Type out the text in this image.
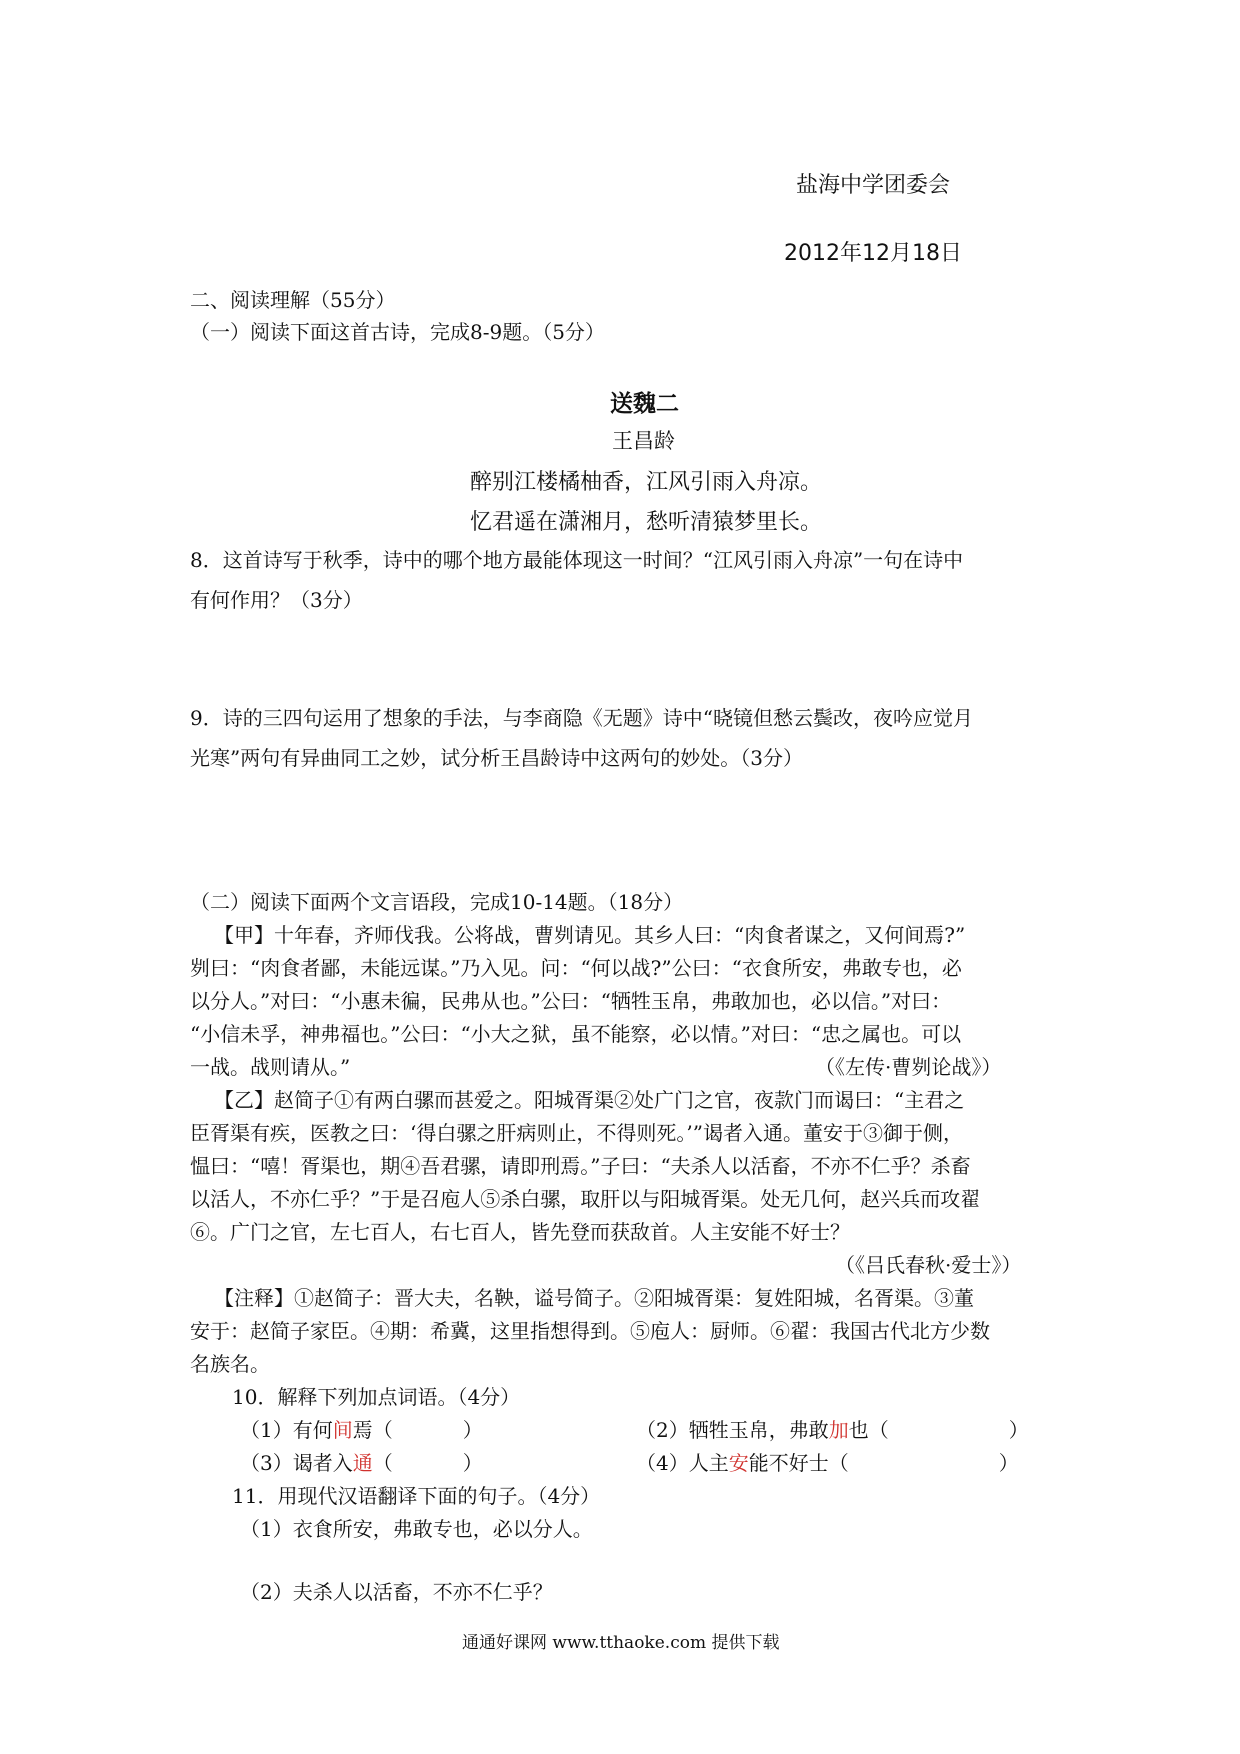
盐海中学团委会
2012年12月18日
二、阅读理解（55分）
（一）阅读下面这首古诗，完成8-9题。（5分）
送魏二
王昌龄
醉别江楼橘柚香，江风引雨入舟凉。
忆君遥在潇湘月，愁听清猿梦里长。
8．这首诗写于秋季，诗中的哪个地方最能体现这一时间？“江风引雨入舟凉”一句在诗中
有何作用？（3分）
9．诗的三四句运用了想象的手法，与李商隐《无题》诗中“晓镜但愁云鬓改，夜吟应觉月
光寒”两句有异曲同工之妙，试分析王昌龄诗中这两句的妙处。（3分）
（二）阅读下面两个文言语段，完成10-14题。（18分）
【甲】十年春，齐师伐我。公将战，曹刿请见。其乡人曰：“肉食者谋之，又何间焉?”
刿曰：“肉食者鄙，未能远谋。”乃入见。问：“何以战?”公曰：“衣食所安，弗敢专也，必
以分人。”对曰：“小惠未徧，民弗从也。”公曰：“牺牲玉帛，弗敢加也，必以信。”对曰：
“小信未孚，神弗福也。”公曰：“小大之狱，虽不能察，必以情。”对曰：“忠之属也。可以
一战。战则请从。”	（《左传·曹刿论战》）
【乙】赵简子①有两白骡而甚爱之。阳城胥渠②处广门之官，夜款门而谒曰：“主君之
臣胥渠有疾，医教之曰：‘得白骡之肝病则止，不得则死。’”谒者入通。董安于③御于侧，
愠曰：“嘻！胥渠也，期④吾君骡，请即刑焉。”子曰：“夫杀人以活畜，不亦不仁乎？杀畜
以活人，不亦仁乎？”于是召庖人⑤杀白骡，取肝以与阳城胥渠。处无几何，赵兴兵而攻翟
⑥。广门之官，左七百人，右七百人，皆先登而获敌首。人主安能不好士？
（《吕氏春秋·爱士》）
【注释】①赵简子：晋大夫，名鞅，谥号简子。②阳城胥渠：复姓阳城，名胥渠。③董
安于：赵简子家臣。④期：希冀，这里指想得到。⑤庖人：厨师。⑥翟：我国古代北方少数
名族名。
10．解释下列加点词语。（4分）
（1）有何间焉（	）	（2）牺牲玉帛，弗敢加也（	）
（3）谒者入通（	）	（4）人主安能不好士（	）
11．用现代汉语翻译下面的句子。（4分）
（1）衣食所安，弗敢专也，必以分人。
（2）夫杀人以活畜，不亦不仁乎？
通通好课网 www.tthaoke.com 提供下载
